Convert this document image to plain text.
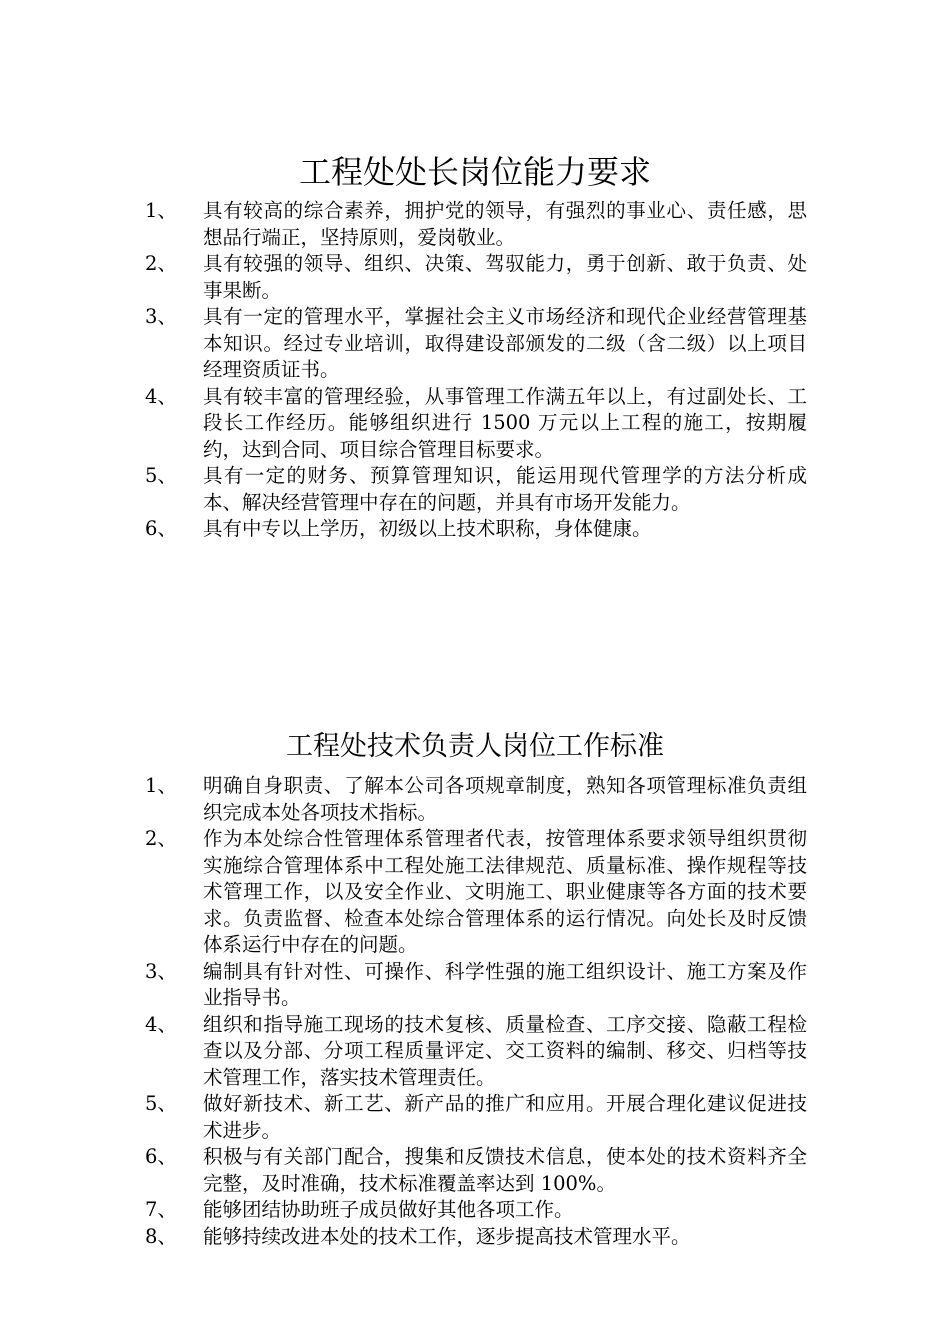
工程处处长岗位能力要求
1、	具有较高的综合素养，拥护党的领导，有强烈的事业心、责任感，思想品行端正，坚持原则，爱岗敬业。
2、	具有较强的领导、组织、决策、驾驭能力，勇于创新、敢于负责、处事果断。
3、	具有一定的管理水平，掌握社会主义市场经济和现代企业经营管理基本知识。经过专业培训，取得建设部颁发的二级（含二级）以上项目经理资质证书。
4、	具有较丰富的管理经验，从事管理工作满五年以上，有过副处长、工段长工作经历。能够组织进行 1500 万元以上工程的施工，按期履约，达到合同、项目综合管理目标要求。
5、	具有一定的财务、预算管理知识，能运用现代管理学的方法分析成本、解决经营管理中存在的问题，并具有市场开发能力。
6、	具有中专以上学历，初级以上技术职称，身体健康。
工程处技术负责人岗位工作标准
1、	明确自身职责、了解本公司各项规章制度，熟知各项管理标准负责组织完成本处各项技术指标。
2、	作为本处综合性管理体系管理者代表，按管理体系要求领导组织贯彻实施综合管理体系中工程处施工法律规范、质量标准、操作规程等技术管理工作，以及安全作业、文明施工、职业健康等各方面的技术要求。负责监督、检查本处综合管理体系的运行情况。向处长及时反馈体系运行中存在的问题。
3、	编制具有针对性、可操作、科学性强的施工组织设计、施工方案及作业指导书。
4、	组织和指导施工现场的技术复核、质量检查、工序交接、隐蔽工程检查以及分部、分项工程质量评定、交工资料的编制、移交、归档等技术管理工作，落实技术管理责任。
5、	做好新技术、新工艺、新产品的推广和应用。开展合理化建议促进技术进步。
6、	积极与有关部门配合，搜集和反馈技术信息，使本处的技术资料齐全完整，及时准确，技术标准覆盖率达到 100%。
7、	能够团结协助班子成员做好其他各项工作。
8、	能够持续改进本处的技术工作，逐步提高技术管理水平。
